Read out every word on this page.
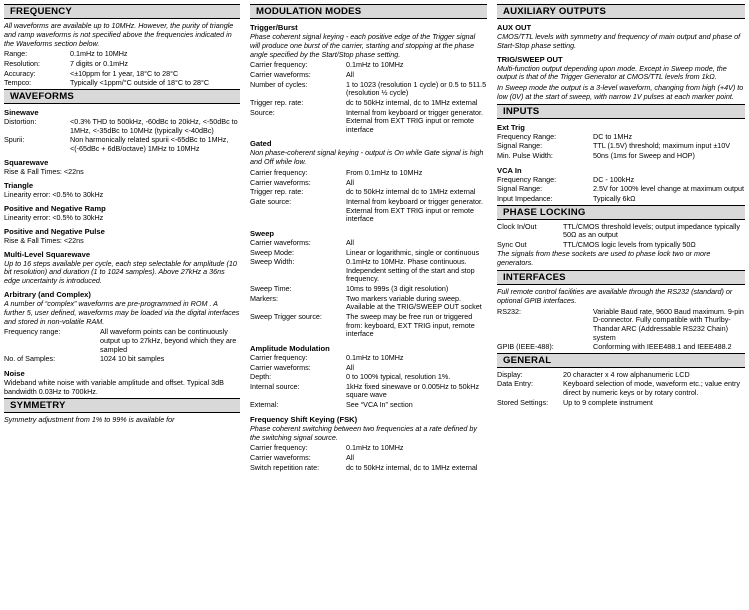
FREQUENCY
All waveforms are available up to 10MHz. However, the purity of triangle and ramp waveforms is not specified above the frequencies indicated in the Waveforms section below.
Range:	0.1mHz to 10MHz
Resolution:	7 digits or 0.1mHz
Accuracy:	<±10ppm for 1 year, 18°C to 28°C
Tempco:	Typically <1ppm/°C outside of 18°C to 28°C
WAVEFORMS
Sinewave
Distortion:	<0.3% THD to 500kHz, -60dBc to 20kHz, <-50dBc to 1MHz, <-35dBc to 10MHz (typically <-40dBc)
Spurii:	Non harmonically related spurii <-65dBc to 1MHz, <(-65dBc + 6dB/octave) 1MHz to 10MHz
Squarewave

Rise & Fall Times: <22ns

Triangle

Linearity error: <0.5% to 30kHz

Positive and Negative Ramp

Linearity error: <0.5% to 30kHz

Positive and Negative Pulse

Rise & Fall Times: <22ns

Multi-Level Squarewave
Up to 16 steps available per cycle, each step selectable for amplitude (10 bit resolution) and duration (1 to 1024 samples). Above 27kHz a 36ns edge uncertainty is introduced.
Arbitrary (and Complex)
A number of “complex” waveforms are pre-programmed in ROM . A further 5, user defined, waveforms may be loaded via the digital interfaces and stored in non-volatile RAM.
Frequency range:	All waveform points can be continuously output up to 27kHz, beyond which they are sampled
No. of Samples:	1024 10 bit samples
Noise

Wideband white noise with variable amplitude and offset. Typical 3dB bandwidth 0.03Hz to 700kHz.

SYMMETRY
Symmetry adjustment from 1% to 99% is available for
MODULATION MODES
Trigger/Burst
Phase coherent signal keying - each positive edge of the Trigger signal will produce one burst of the carrier, starting and stopping at the phase angle specified by the Start/Stop phase setting.
Carrier frequency:	0.1mHz to 10MHz
Carrier waveforms:	All
Number of cycles:	1 to 1023 (resolution 1 cycle) or 0.5 to 511.5 (resolution ½ cycle)
Trigger rep. rate:	dc to 50kHz internal, dc to 1MHz external
Source:	Internal from keyboard or trigger generator. External from EXT TRIG input or remote interface
Gated
Non phase-coherent signal keying - output is On while Gate signal is high and Off while low.
Carrier frequency:	From 0.1mHz to 10MHz
Carrier waveforms:	All
Trigger rep. rate:	dc to 50kHz internal dc to 1MHz external
Gate source:	Internal from keyboard or trigger generator. External from EXT TRIG input or remote interface
Sweep
Carrier waveforms:	All
Sweep Mode:	Linear or logarithmic, single or continuous
Sweep Width:	0.1mHz to 10MHz. Phase continuous. Independent setting of the start and stop frequency.
Sweep Time:	10ms to 999s (3 digit resolution)
Markers:	Two markers variable during sweep. Available at the TRIG/SWEEP OUT socket
Sweep Trigger source:	The sweep may be free run or triggered from: keyboard, EXT TRIG input, remote interface
Amplitude Modulation
Carrier frequency:	0.1mHz to 10MHz
Carrier waveforms:	All
Depth:	0 to 100% typical, resolution 1%.
Internal source:	1kHz fixed sinewave or 0.005Hz to 50kHz square wave
External:	See “VCA In” section
Frequency Shift Keying (FSK)
Phase coherent switching between two frequencies at a rate defined by the switching signal source.
Carrier frequency:	0.1mHz to 10MHz
Carrier waveforms:	All
Switch repetition rate:	dc to 50kHz internal, dc to 1MHz external
AUXILIARY OUTPUTS
AUX OUT
CMOS/TTL levels with symmetry and frequency of main output and phase of Start-Stop phase setting.
TRIG/SWEEP OUT
Multi-function output depending upon mode. Except in Sweep mode, the output is that of the Trigger Generator at CMOS/TTL levels from 1kΩ.
In Sweep mode the output is a 3-level waveform, changing from high (+4V) to low (0V) at the start of sweep, with narrow 1V pulses at each marker point.
INPUTS
Ext Trig
Frequency Range:	DC to 1MHz
Signal Range:	TTL (1.5V) threshold; maximum input ±10V
Min. Pulse Width:	50ns (1ms for Sweep and HOP)
VCA In
Frequency Range:	DC - 100kHz
Signal Range:	2.5V for 100% level change at maximum output
Input Impedance:	Typically 6kΩ
PHASE LOCKING
Clock In/Out	TTL/CMOS threshold levels; output impedance typically 50Ω as an output
Sync Out	TTL/CMOS logic levels from typically 50Ω
The signals from these sockets are used to phase lock two or more generators.
INTERFACES
Full remote control facilities are available through the RS232 (standard) or optional GPIB interfaces.
RS232:	Variable Baud rate, 9600 Baud maximum. 9-pin D-connector. Fully compatible with Thurlby-Thandar ARC (Addressable RS232 Chain) system
GPIB (IEEE-488):	Conforming with IEEE488.1 and IEEE488.2
GENERAL
Display:	20 character x 4 row alphanumeric LCD
Data Entry:	Keyboard selection of mode, waveform etc.; value entry direct by numeric keys or by rotary control.
Stored Settings:	Up to 9 complete instrument
